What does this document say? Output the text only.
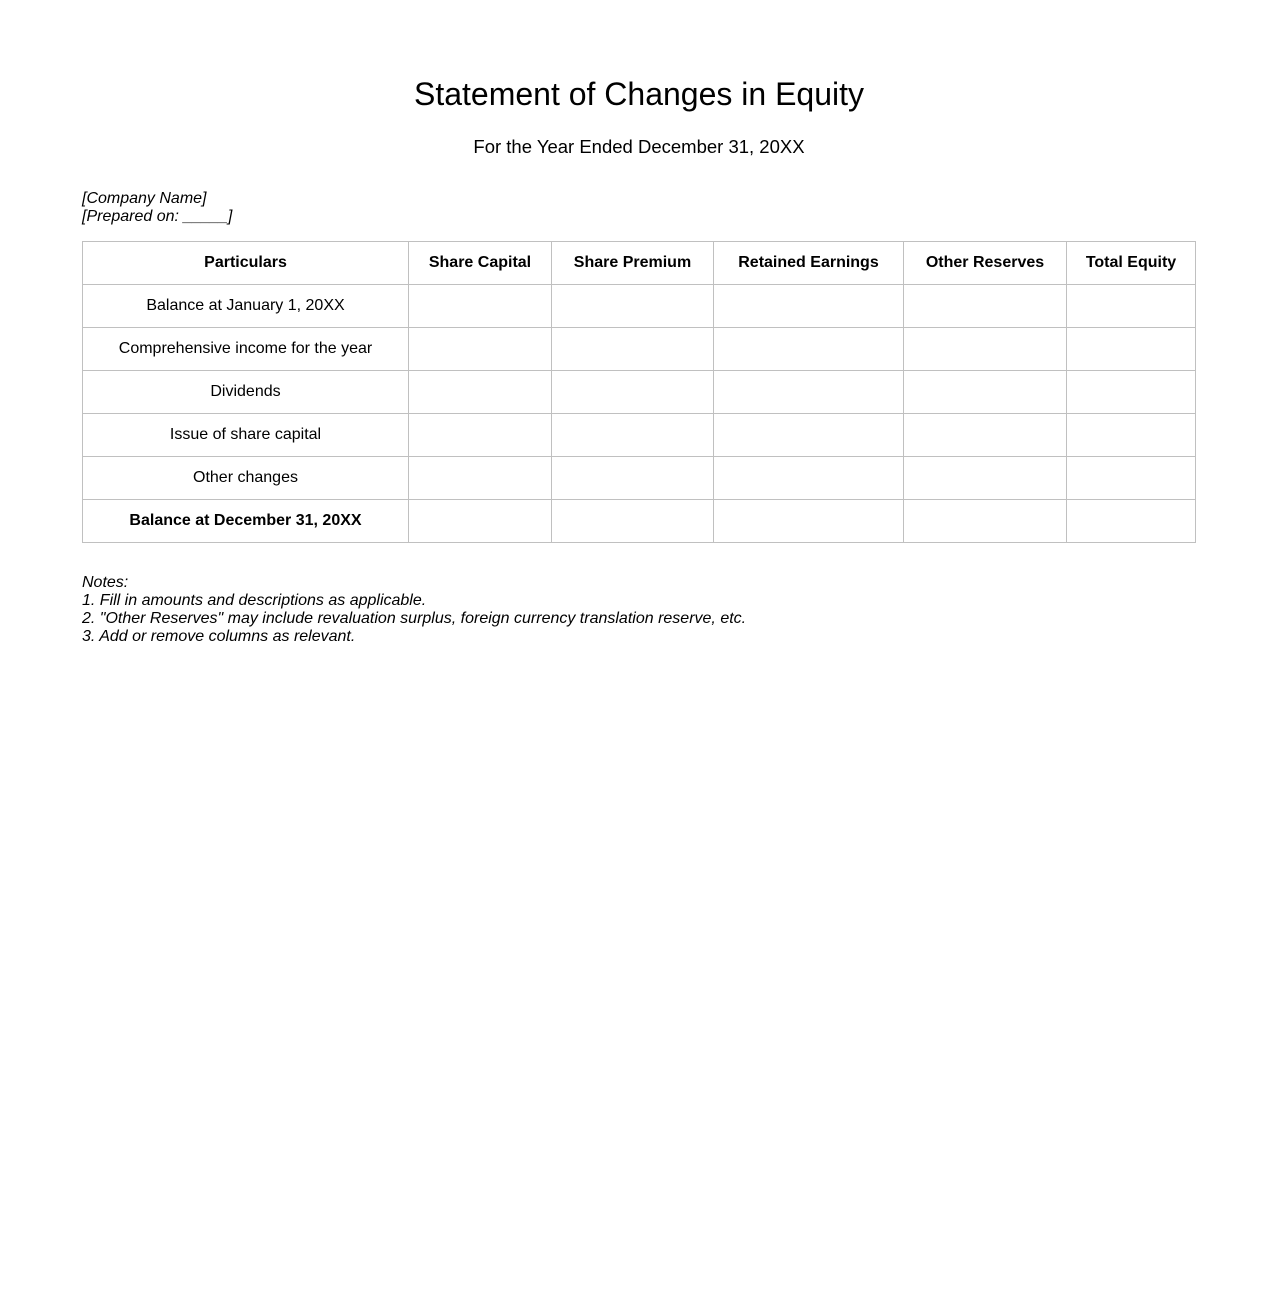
Statement of Changes in Equity

For the Year Ended December 31, 20XX

[Company Name]
[Prepared on: _____]
Particulars	Share Capital	Share Premium	Retained Earnings	Other Reserves	Total Equity
Balance at January 1, 20XX					
Comprehensive income for the year					
Dividends					
Issue of share capital					
Other changes					
Balance at December 31, 20XX					
Notes:
1. Fill in amounts and descriptions as applicable.
2. "Other Reserves" may include revaluation surplus, foreign currency translation reserve, etc.
3. Add or remove columns as relevant.
